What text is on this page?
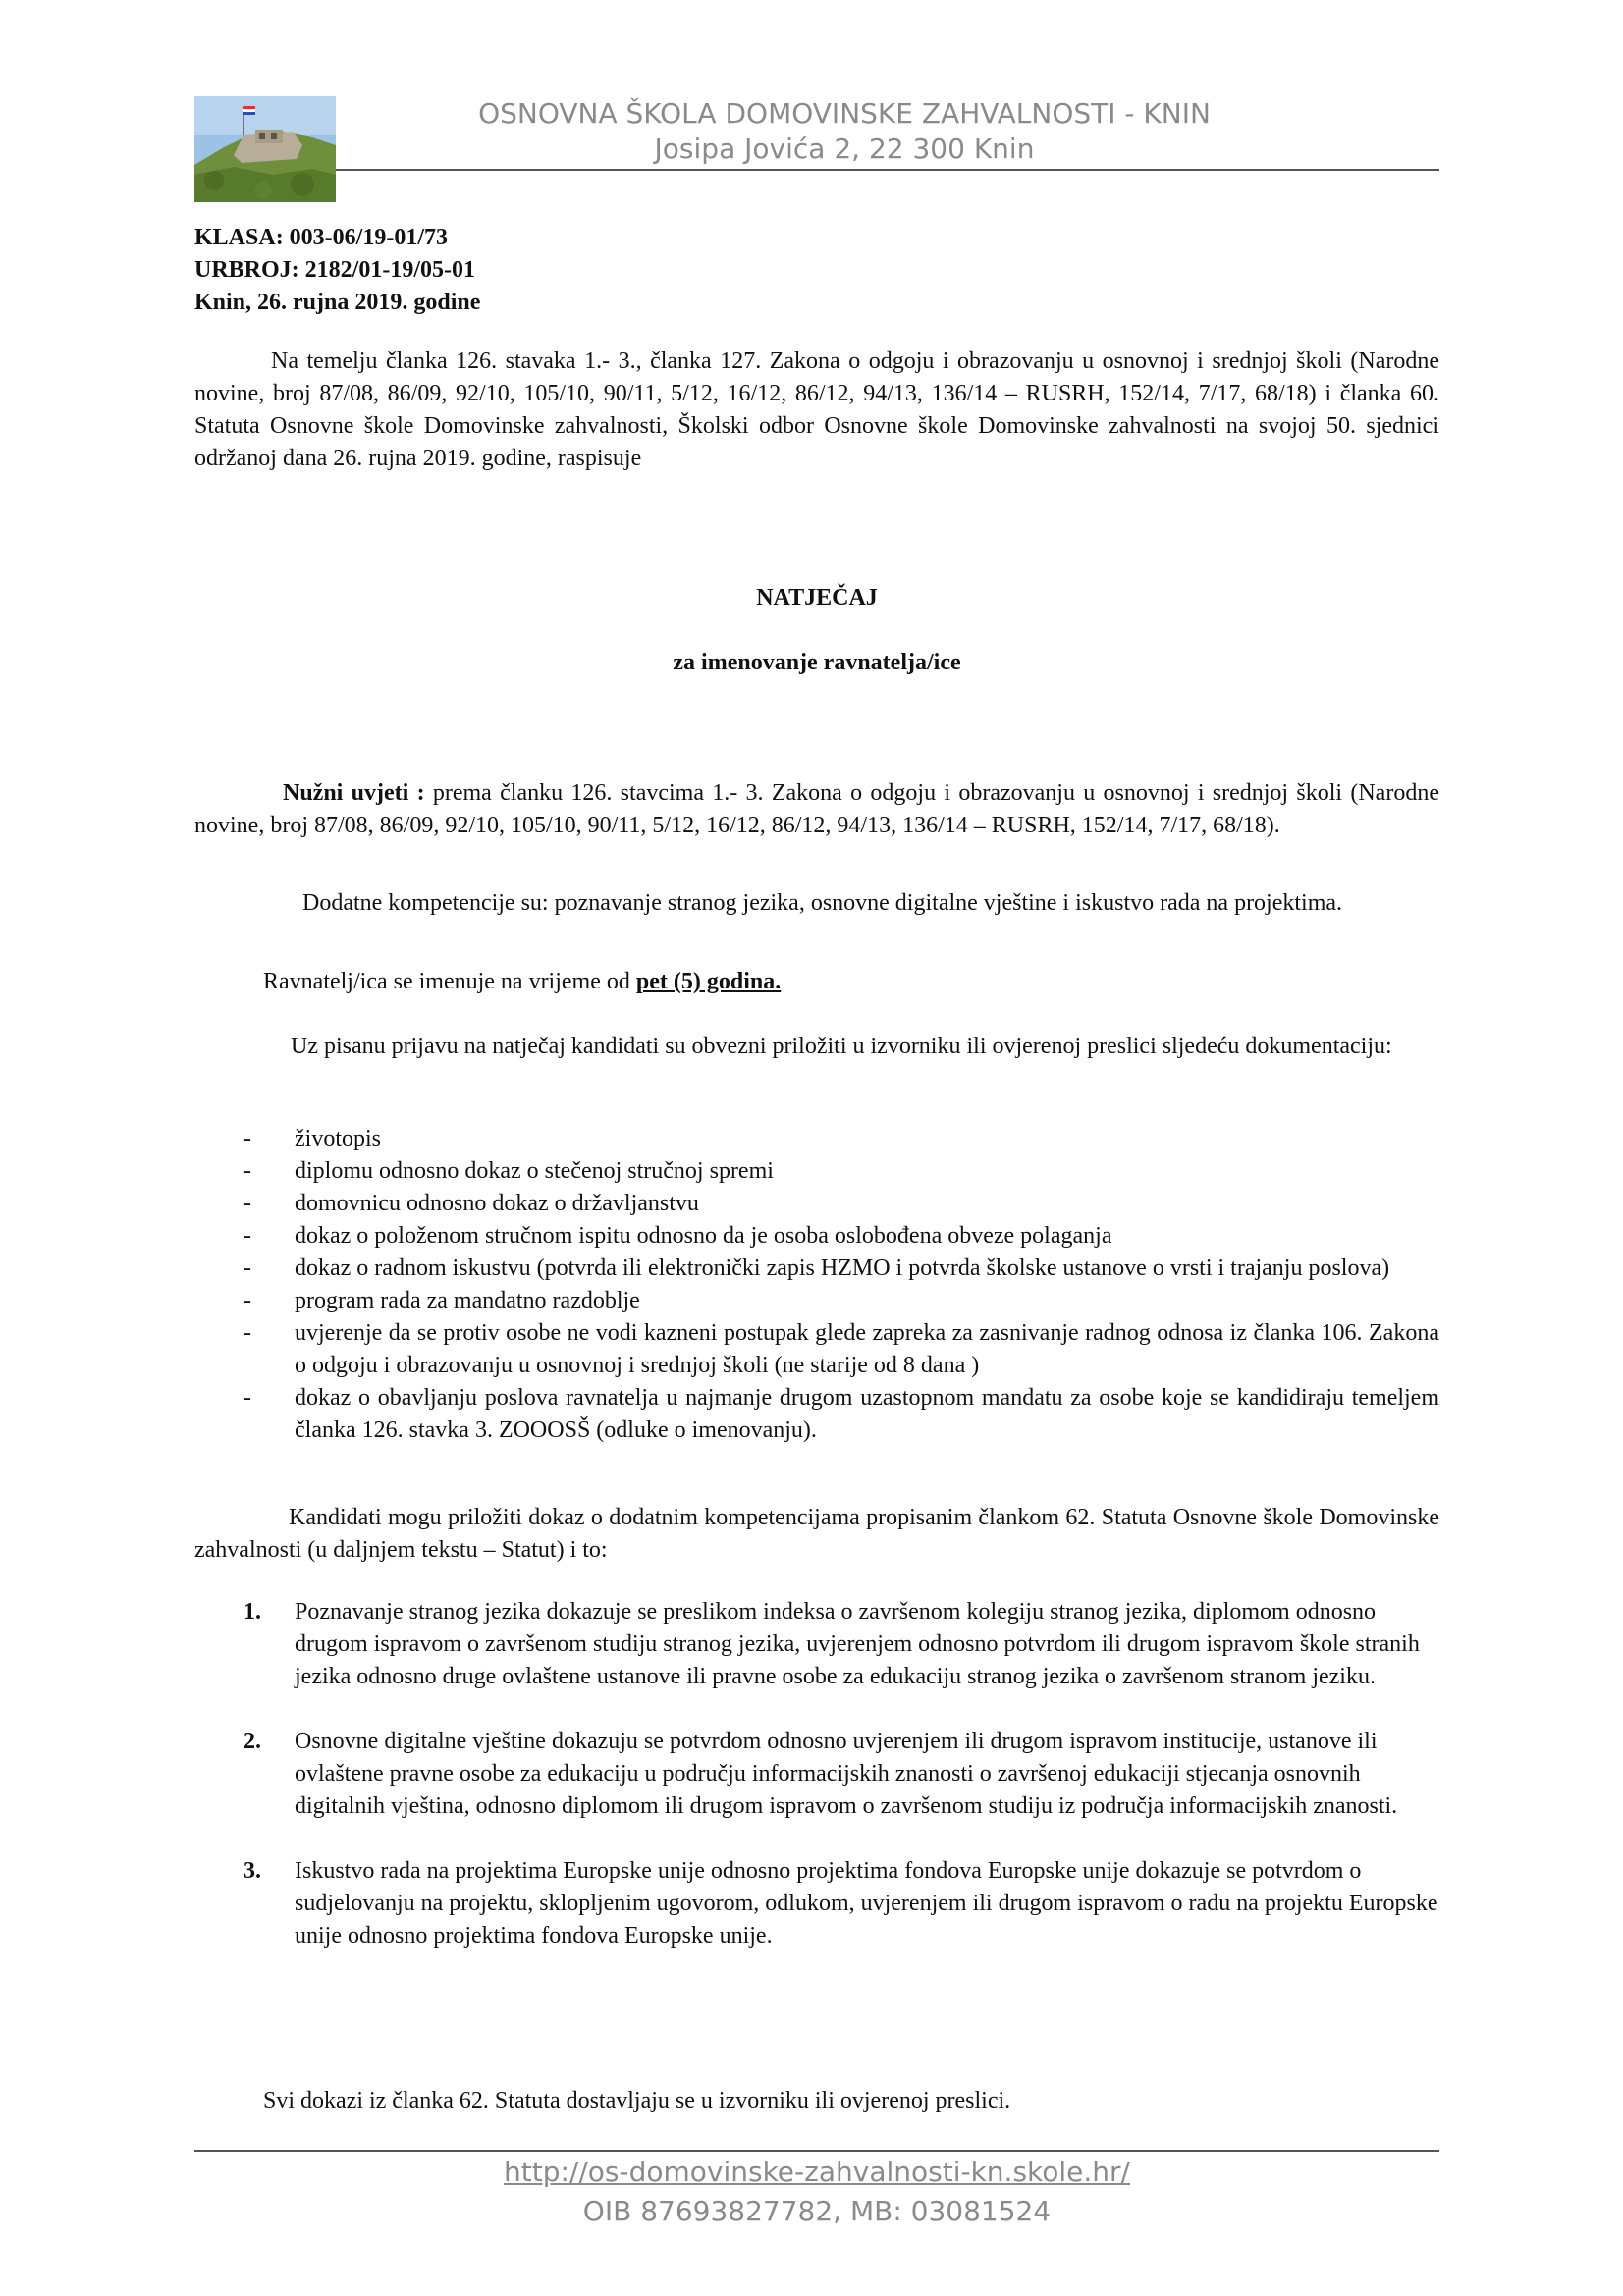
OSNOVNA ŠKOLA DOMOVINSKE ZAHVALNOSTI - KNIN
Josipa Jovića 2, 22 300 Knin
KLASA: 003-06/19-01/73
URBROJ: 2182/01-19/05-01
Knin, 26. rujna 2019. godine
Na temelju članka 126. stavaka 1.- 3., članka 127. Zakona o odgoju i obrazovanju u osnovnoj i srednjoj školi (Narodne novine, broj 87/08, 86/09, 92/10, 105/10, 90/11, 5/12, 16/12, 86/12, 94/13, 136/14 – RUSRH, 152/14, 7/17, 68/18) i članka 60. Statuta Osnovne škole Domovinske zahvalnosti, Školski odbor Osnovne škole Domovinske zahvalnosti na svojoj 50. sjednici održanoj dana 26. rujna 2019. godine, raspisuje
NATJEČAJ
za imenovanje ravnatelja/ice
Nužni uvjeti : prema članku 126. stavcima 1.- 3. Zakona o odgoju i obrazovanju u osnovnoj i srednjoj školi (Narodne novine, broj 87/08, 86/09, 92/10, 105/10, 90/11, 5/12, 16/12, 86/12, 94/13, 136/14 – RUSRH, 152/14, 7/17, 68/18).
Dodatne kompetencije su: poznavanje stranog jezika, osnovne digitalne vještine i iskustvo rada na projektima.
Ravnatelj/ica se imenuje na vrijeme od pet (5) godina.
Uz pisanu prijavu na natječaj kandidati su obvezni priložiti u izvorniku ili ovjerenoj preslici sljedeću dokumentaciju:
- životopis
- diplomu odnosno dokaz o stečenoj stručnoj spremi
- domovnicu odnosno dokaz o državljanstvu
- dokaz o položenom stručnom ispitu odnosno da je osoba oslobođena obveze polaganja
- dokaz o radnom iskustvu (potvrda ili elektronički zapis HZMO i potvrda školske ustanove o vrsti i trajanju poslova)
- program rada za mandatno razdoblje
- uvjerenje da se protiv osobe ne vodi kazneni postupak glede zapreka za zasnivanje radnog odnosa iz članka 106. Zakona o odgoju i obrazovanju u osnovnoj i srednjoj školi (ne starije od 8 dana )
- dokaz o obavljanju poslova ravnatelja u najmanje drugom uzastopnom mandatu za osobe koje se kandidiraju temeljem članka 126. stavka 3. ZOOOSŠ (odluke o imenovanju).
Kandidati mogu priložiti dokaz o dodatnim kompetencijama propisanim člankom 62. Statuta Osnovne škole Domovinske zahvalnosti (u daljnjem tekstu – Statut) i to:
1. Poznavanje stranog jezika dokazuje se preslikom indeksa o završenom kolegiju stranog jezika, diplomom odnosno drugom ispravom o završenom studiju stranog jezika, uvjerenjem odnosno potvrdom ili drugom ispravom škole stranih jezika odnosno druge ovlaštene ustanove ili pravne osobe za edukaciju stranog jezika o završenom stranom jeziku.
2. Osnovne digitalne vještine dokazuju se potvrdom odnosno uvjerenjem ili drugom ispravom institucije, ustanove ili ovlaštene pravne osobe za edukaciju u području informacijskih znanosti o završenoj edukaciji stjecanja osnovnih digitalnih vještina, odnosno diplomom ili drugom ispravom o završenom studiju iz područja informacijskih znanosti.
3. Iskustvo rada na projektima Europske unije odnosno projektima fondova Europske unije dokazuje se potvrdom o sudjelovanju na projektu, sklopljenim ugovorom, odlukom, uvjerenjem ili drugom ispravom o radu na projektu Europske unije odnosno projektima fondova Europske unije.
Svi dokazi iz članka 62. Statuta dostavljaju se u izvorniku ili ovjerenoj preslici.
http://os-domovinske-zahvalnosti-kn.skole.hr/
OIB 87693827782, MB: 03081524
